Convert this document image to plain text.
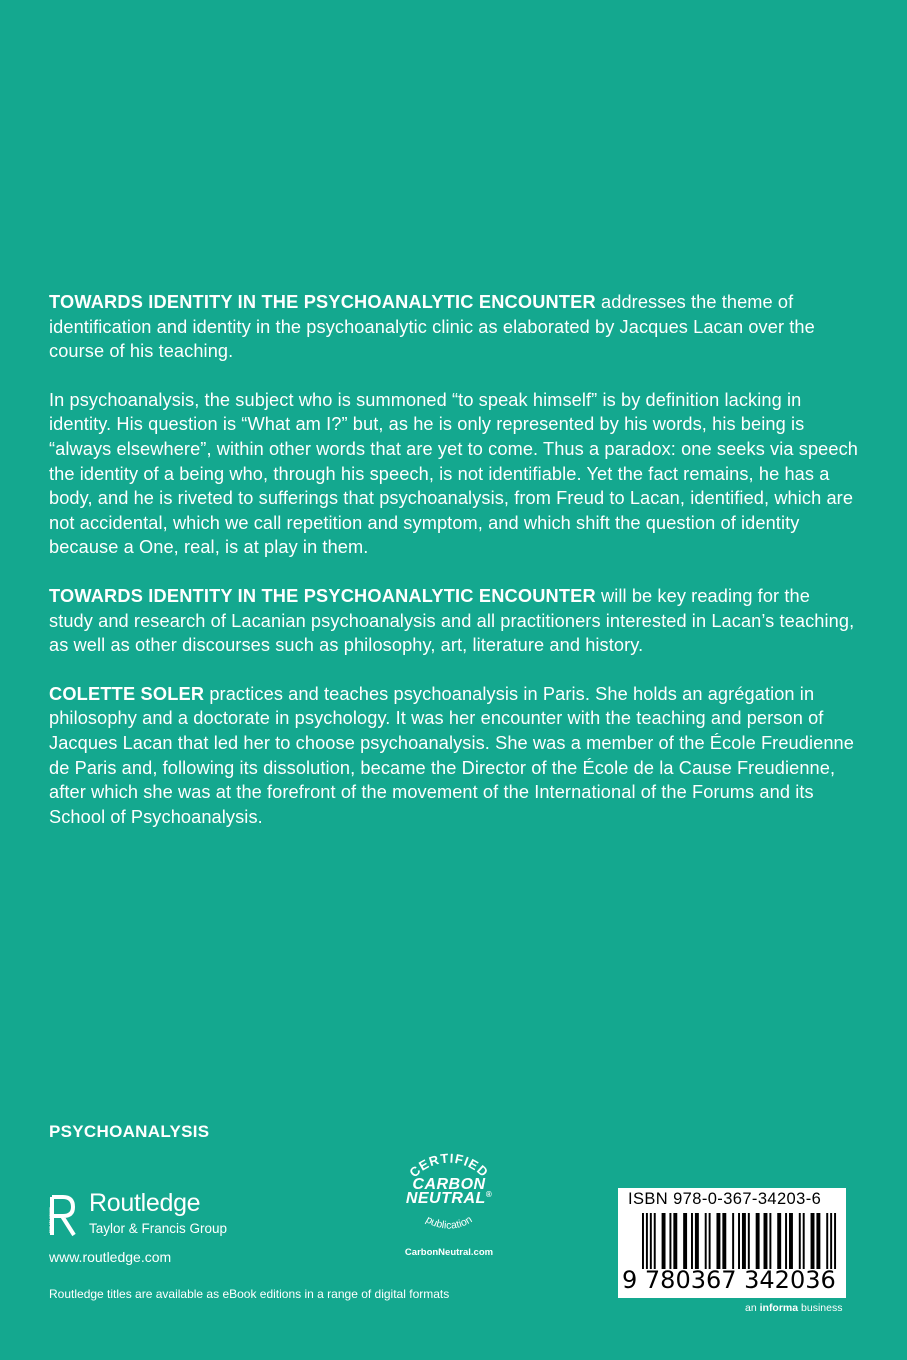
TOWARDS IDENTITY IN THE PSYCHOANALYTIC ENCOUNTER addresses the theme of identification and identity in the psychoanalytic clinic as elaborated by Jacques Lacan over the course of his teaching.

In psychoanalysis, the subject who is summoned “to speak himself” is by definition lacking in identity. His question is “What am I?” but, as he is only represented by his words, his being is “always elsewhere”, within other words that are yet to come. Thus a paradox: one seeks via speech the identity of a being who, through his speech, is not identifiable. Yet the fact remains, he has a body, and he is riveted to sufferings that psychoanalysis, from Freud to Lacan, identified, which are not accidental, which we call repetition and symptom, and which shift the question of identity because a One, real, is at play in them.

TOWARDS IDENTITY IN THE PSYCHOANALYTIC ENCOUNTER will be key reading for the study and research of Lacanian psychoanalysis and all practitioners interested in Lacan’s teaching, as well as other discourses such as philosophy, art, literature and history.

COLETTE SOLER practices and teaches psychoanalysis in Paris. She holds an agrégation in philosophy and a doctorate in psychology. It was her encounter with the teaching and person of Jacques Lacan that led her to choose psychoanalysis. She was a member of the École Freudienne de Paris and, following its dissolution, became the Director of the École de la Cause Freudienne, after which she was at the forefront of the movement of the International of the Forums and its School of Psychoanalysis.

PSYCHOANALYSIS
ROUTLEDGE
Routledge
Taylor & Francis Group
www.routledge.com
Routledge titles are available as eBook editions in a range of digital formats
CERTIFIED
CARBON
NEUTRAL®
publication
CarbonNeutral.com
ISBN 978-0-367-34203-6
9 780367 342036
an informa business
